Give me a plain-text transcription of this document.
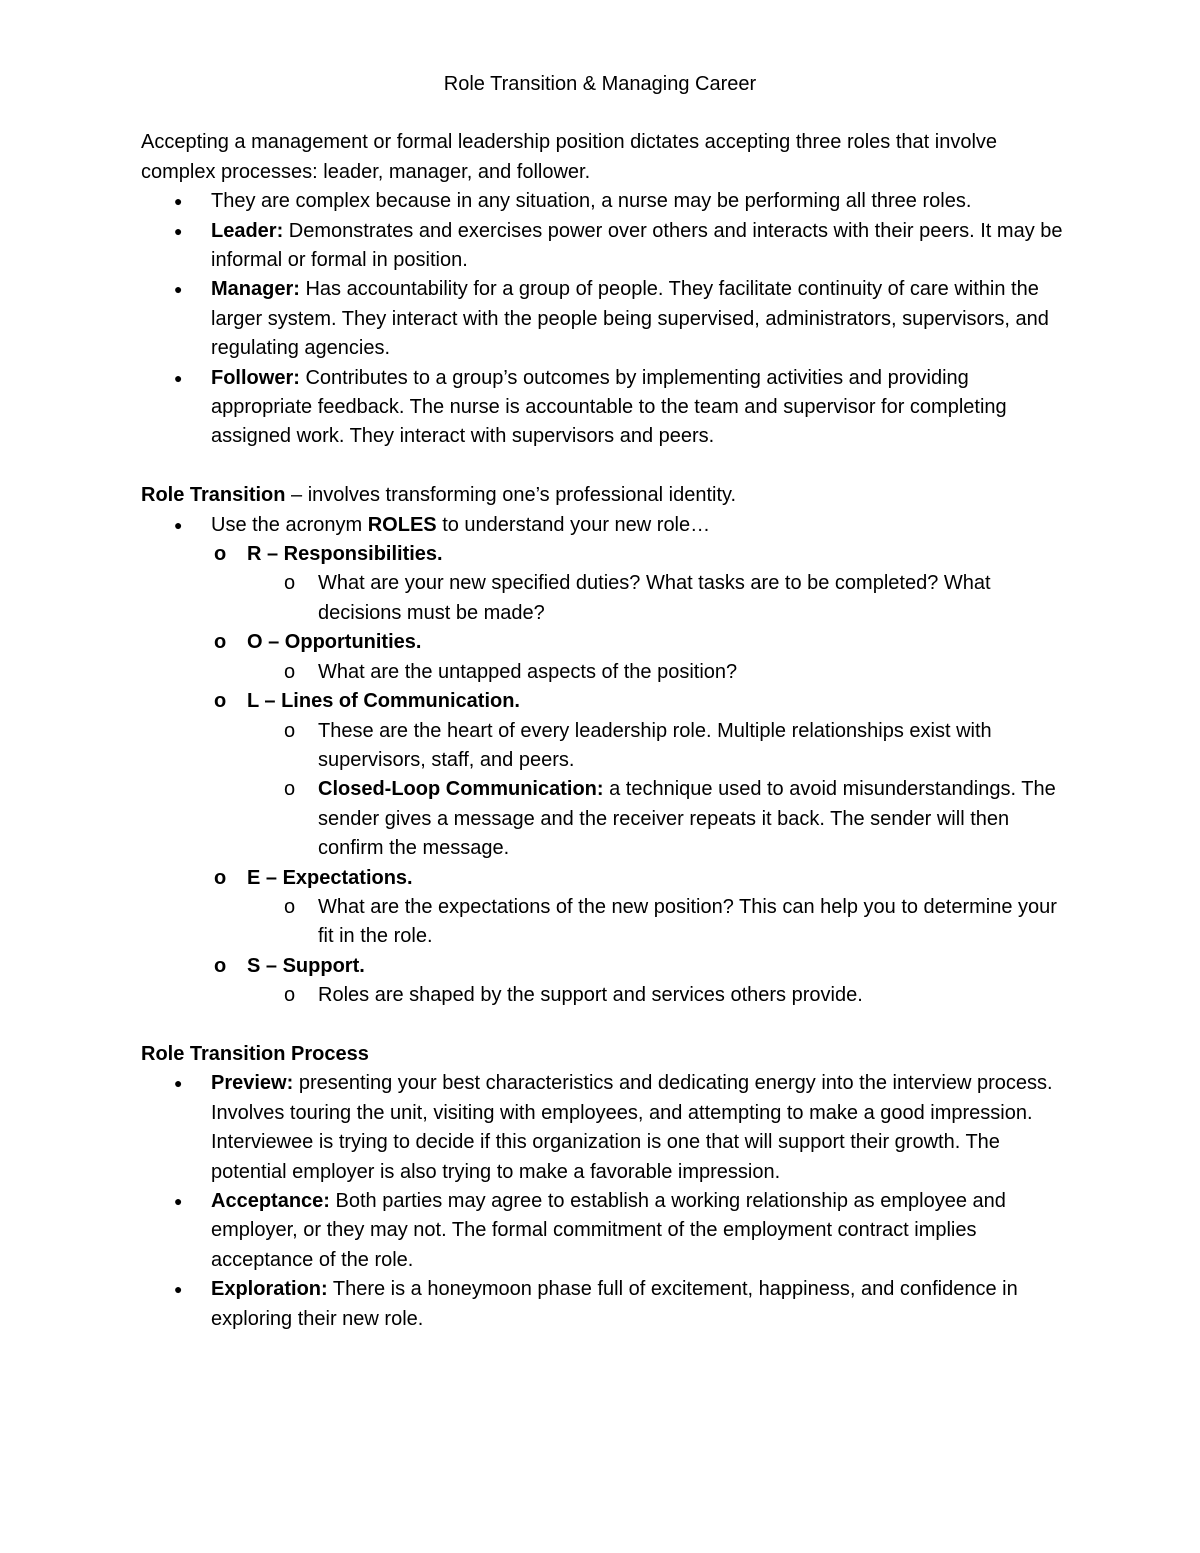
Role Transition & Managing Career

Accepting a management or formal leadership position dictates accepting three roles that involve complex processes: leader, manager, and follower.

● They are complex because in any situation, a nurse may be performing all three roles.
● Leader: Demonstrates and exercises power over others and interacts with their peers. It may be informal or formal in position.
● Manager: Has accountability for a group of people. They facilitate continuity of care within the larger system. They interact with the people being supervised, administrators, supervisors, and regulating agencies.
● Follower: Contributes to a group’s outcomes by implementing activities and providing appropriate feedback. The nurse is accountable to the team and supervisor for completing assigned work. They interact with supervisors and peers.

Role Transition – involves transforming one’s professional identity.

● Use the acronym ROLES to understand your new role…
o R – Responsibilities.
o What are your new specified duties? What tasks are to be completed? What decisions must be made?
o O – Opportunities.
o What are the untapped aspects of the position?
o L – Lines of Communication.
o These are the heart of every leadership role. Multiple relationships exist with supervisors, staff, and peers.
o Closed-Loop Communication: a technique used to avoid misunderstandings. The sender gives a message and the receiver repeats it back. The sender will then confirm the message.
o E – Expectations.
o What are the expectations of the new position? This can help you to determine your fit in the role.
o S – Support.
o Roles are shaped by the support and services others provide.

Role Transition Process

● Preview: presenting your best characteristics and dedicating energy into the interview process. Involves touring the unit, visiting with employees, and attempting to make a good impression. Interviewee is trying to decide if this organization is one that will support their growth. The potential employer is also trying to make a favorable impression.
● Acceptance: Both parties may agree to establish a working relationship as employee and employer, or they may not. The formal commitment of the employment contract implies acceptance of the role.
● Exploration: There is a honeymoon phase full of excitement, happiness, and confidence in exploring their new role.
